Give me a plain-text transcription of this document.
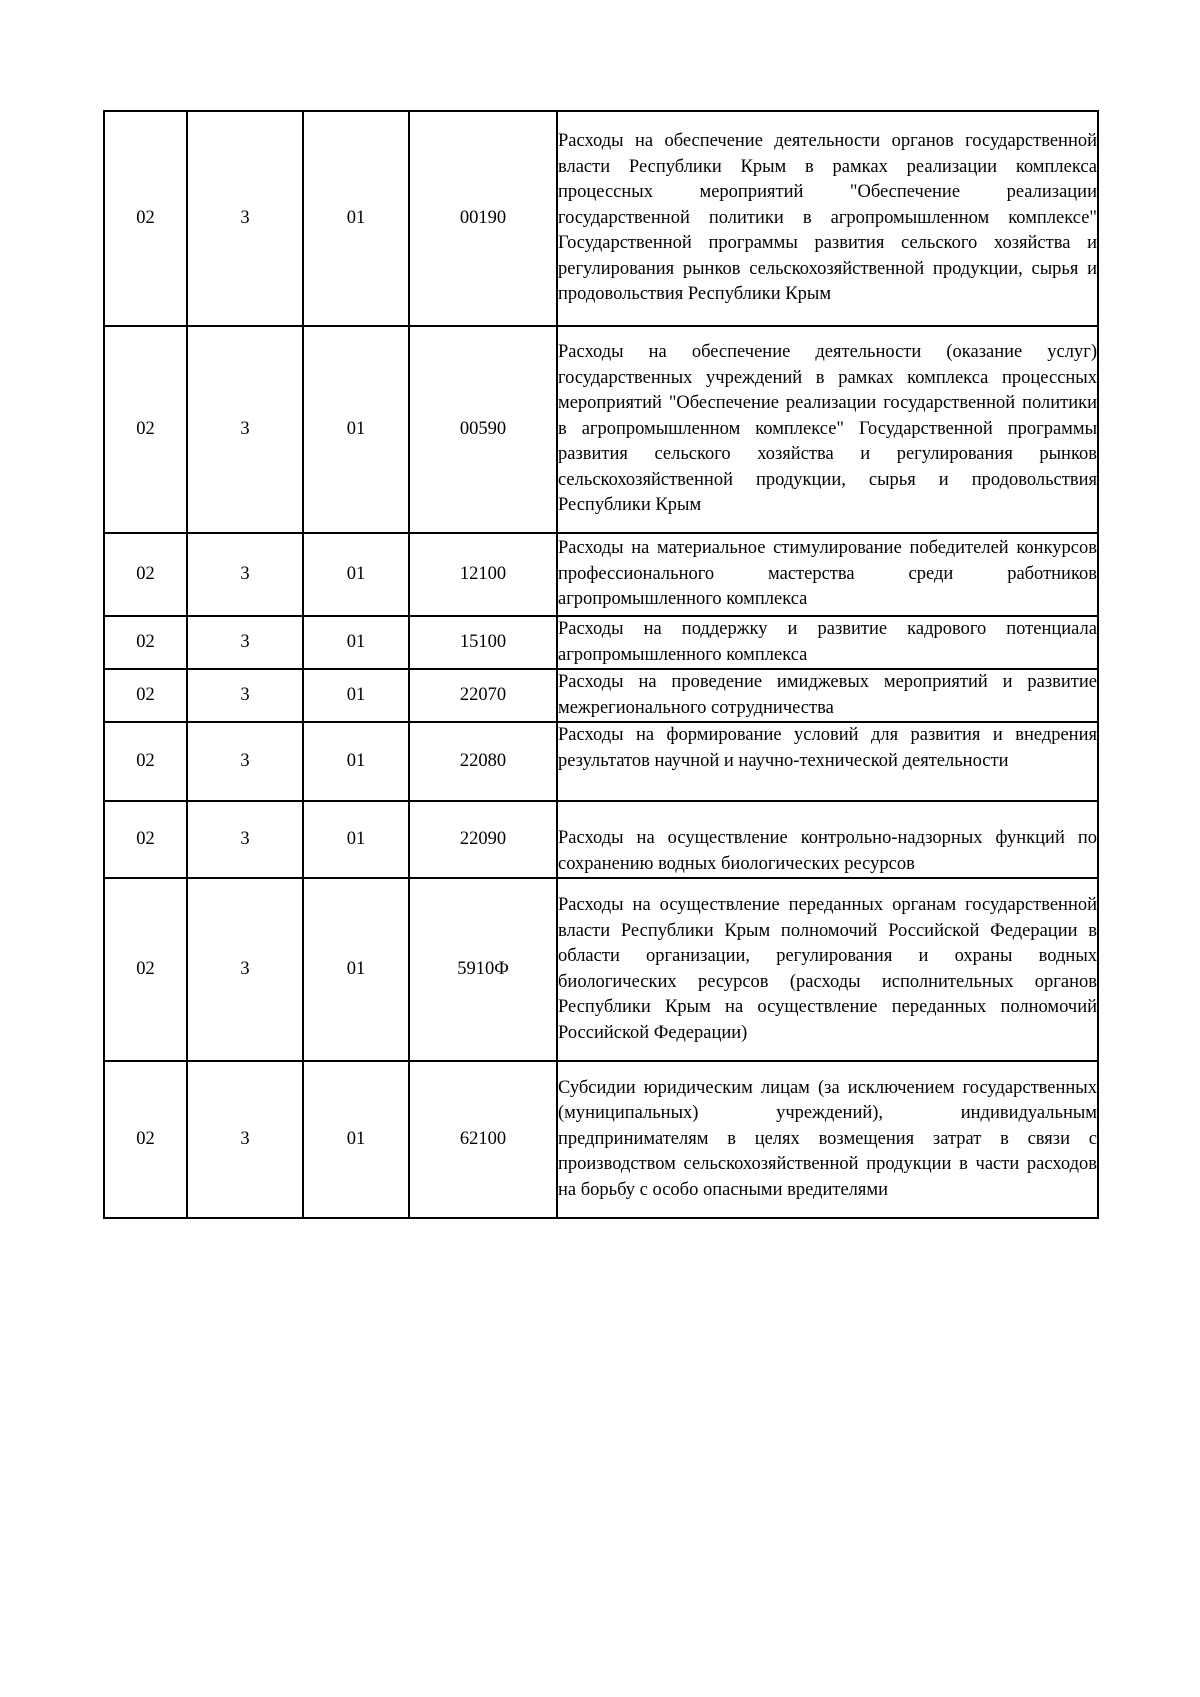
02	3	01	00190	Расходы на обеспечение деятельности органов государственной власти Республики Крым в рамках реализации комплекса процессных мероприятий "Обеспечение реализации государственной политики в агропромышленном комплексе" Государственной программы развития сельского хозяйства и регулирования рынков сельскохозяйственной продукции, сырья и продовольствия Республики Крым
02	3	01	00590	Расходы на обеспечение деятельности (оказание услуг) государственных учреждений в рамках комплекса процессных мероприятий "Обеспечение реализации государственной политики в агропромышленном комплексе" Государственной программы развития сельского хозяйства и регулирования рынков сельскохозяйственной продукции, сырья и продовольствия Республики Крым
02	3	01	12100	Расходы на материальное стимулирование победителей конкурсов профессионального мастерства среди работников агропромышленного комплекса
02	3	01	15100	Расходы на поддержку и развитие кадрового потенциала агропромышленного комплекса
02	3	01	22070	Расходы на проведение имиджевых мероприятий и развитие межрегионального сотрудничества
02	3	01	22080	Расходы на формирование условий для развития и внедрения результатов научной и научно-технической деятельности
02	3	01	22090	Расходы на осуществление контрольно-надзорных функций по сохранению водных биологических ресурсов
02	3	01	5910Ф	Расходы на осуществление переданных органам государственной власти Республики Крым полномочий Российской Федерации в области организации, регулирования и охраны водных биологических ресурсов (расходы исполнительных органов Республики Крым на осуществление переданных полномочий Российской Федерации)
02	3	01	62100	Субсидии юридическим лицам (за исключением государственных (муниципальных) учреждений), индивидуальным предпринимателям в целях возмещения затрат в связи с производством сельскохозяйственной продукции в части расходов на борьбу с особо опасными вредителями
